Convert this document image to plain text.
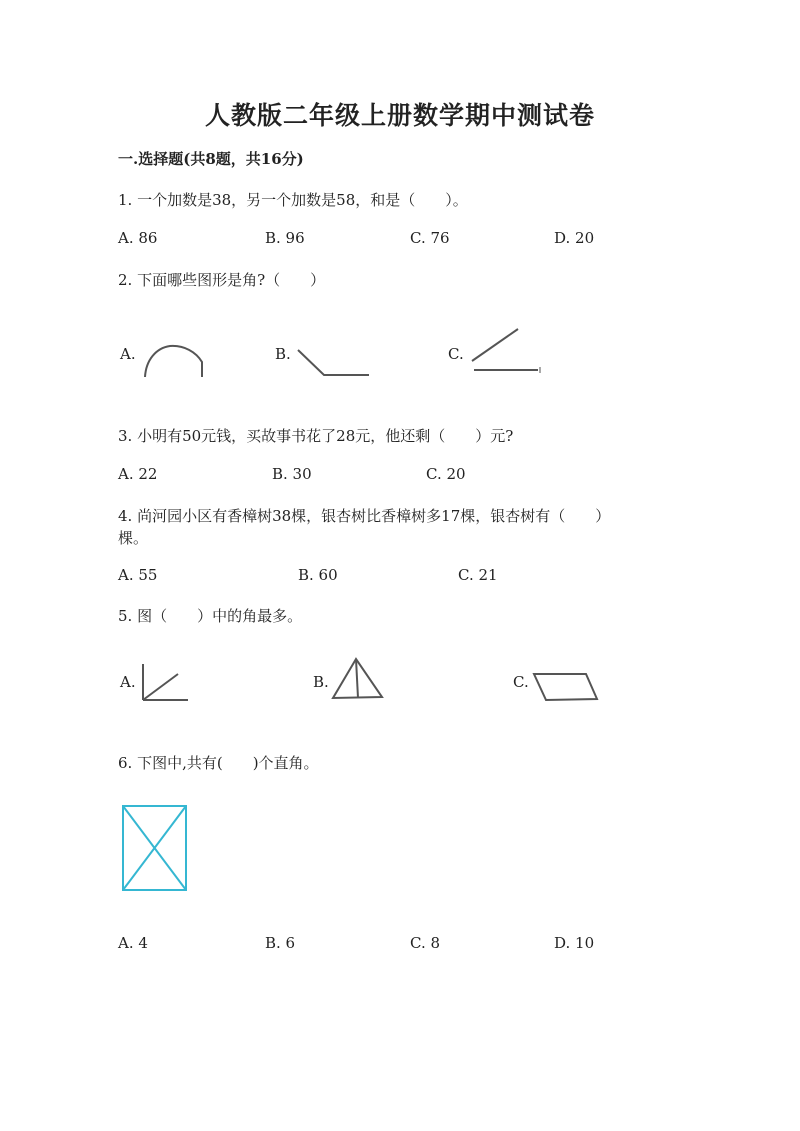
人教版二年级上册数学期中测试卷
一.选择题(共8题，共16分)
1. 一个加数是38，另一个加数是58，和是（　　）。
A. 86	B. 96	C. 76	D. 20
2. 下面哪些图形是角?（　　）
A.	B.	C.
3. 小明有50元钱，买故事书花了28元，他还剩（　　）元?
A. 22	B. 30	C. 20
4. 尚河园小区有香樟树38棵，银杏树比香樟树多17棵，银杏树有（　　）
棵。
A. 55	B. 60	C. 21
5. 图（　　）中的角最多。
A.	B.	C.
6. 下图中,共有(　　)个直角。
A. 4	B. 6	C. 8	D. 10
